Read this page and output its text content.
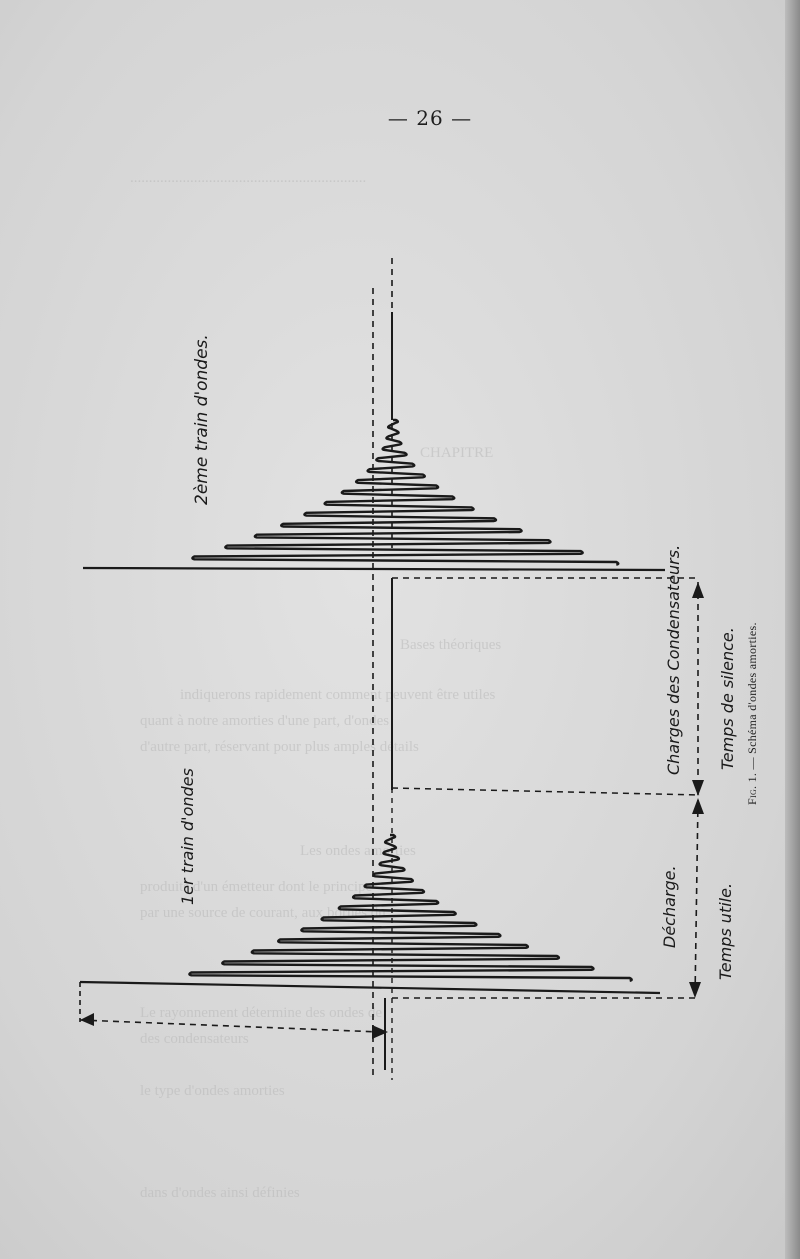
...............................................................
CHAPITRE
Bases théoriques
indiquerons rapidement comment peuvent être utiles
quant à notre amorties d'une part, d'ondes
d'autre part, réservant pour plus amples détails
Les ondes amorties
produits d'un émetteur dont le principe
par une source de courant, aux bornes du
Le rayonnement détermine des ondes de
des condensateurs
le type d'ondes amorties
dans d'ondes ainsi définies
— 26 —
2ème train d'ondes.
1er train d'ondes
Charges des Condensateurs. Temps de silence.
Décharge. Temps utile.
Fig. 1. — Schéma d'ondes amorties.
